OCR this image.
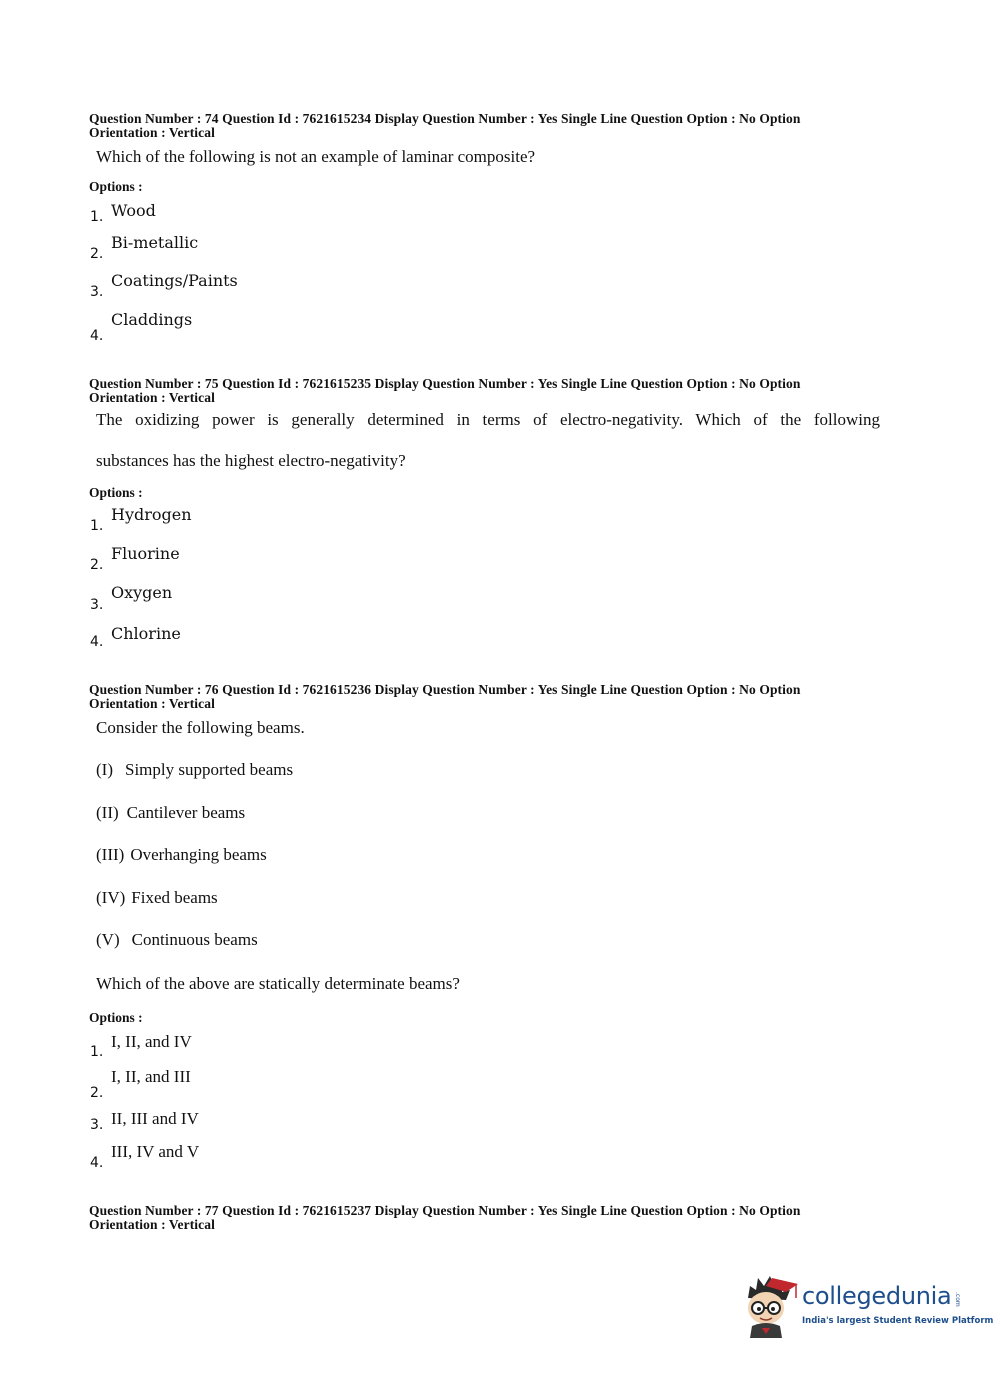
Question Number : 74 Question Id : 7621615234 Display Question Number : Yes Single Line Question Option : No Option
Orientation : Vertical
Which of the following is not an example of laminar composite?
Options :
1. Wood
2.
Bi-metallic
3.
Coatings/Paints
4.
Claddings
Question Number : 75 Question Id : 7621615235 Display Question Number : Yes Single Line Question Option : No Option
Orientation : Vertical
The oxidizing power is generally determined in terms of electro-negativity. Which of the following
substances has the highest electro-negativity?
Options :
1.
Hydrogen
2.
Fluorine
3.
Oxygen
4. Chlorine
Question Number : 76 Question Id : 7621615236 Display Question Number : Yes Single Line Question Option : No Option
Orientation : Vertical
Consider the following beams.
(I) Simply supported beams
(II) Cantilever beams
(III) Overhanging beams
(IV) Fixed beams
(V) Continuous beams
Which of the above are statically determinate beams?
Options :
1.
I, II, and IV
2.
I, II, and III
3. II, III and IV
4.
III, IV and V
Question Number : 77 Question Id : 7621615237 Display Question Number : Yes Single Line Question Option : No Option
Orientation : Vertical
collegedunia .com
India's largest Student Review Platform
